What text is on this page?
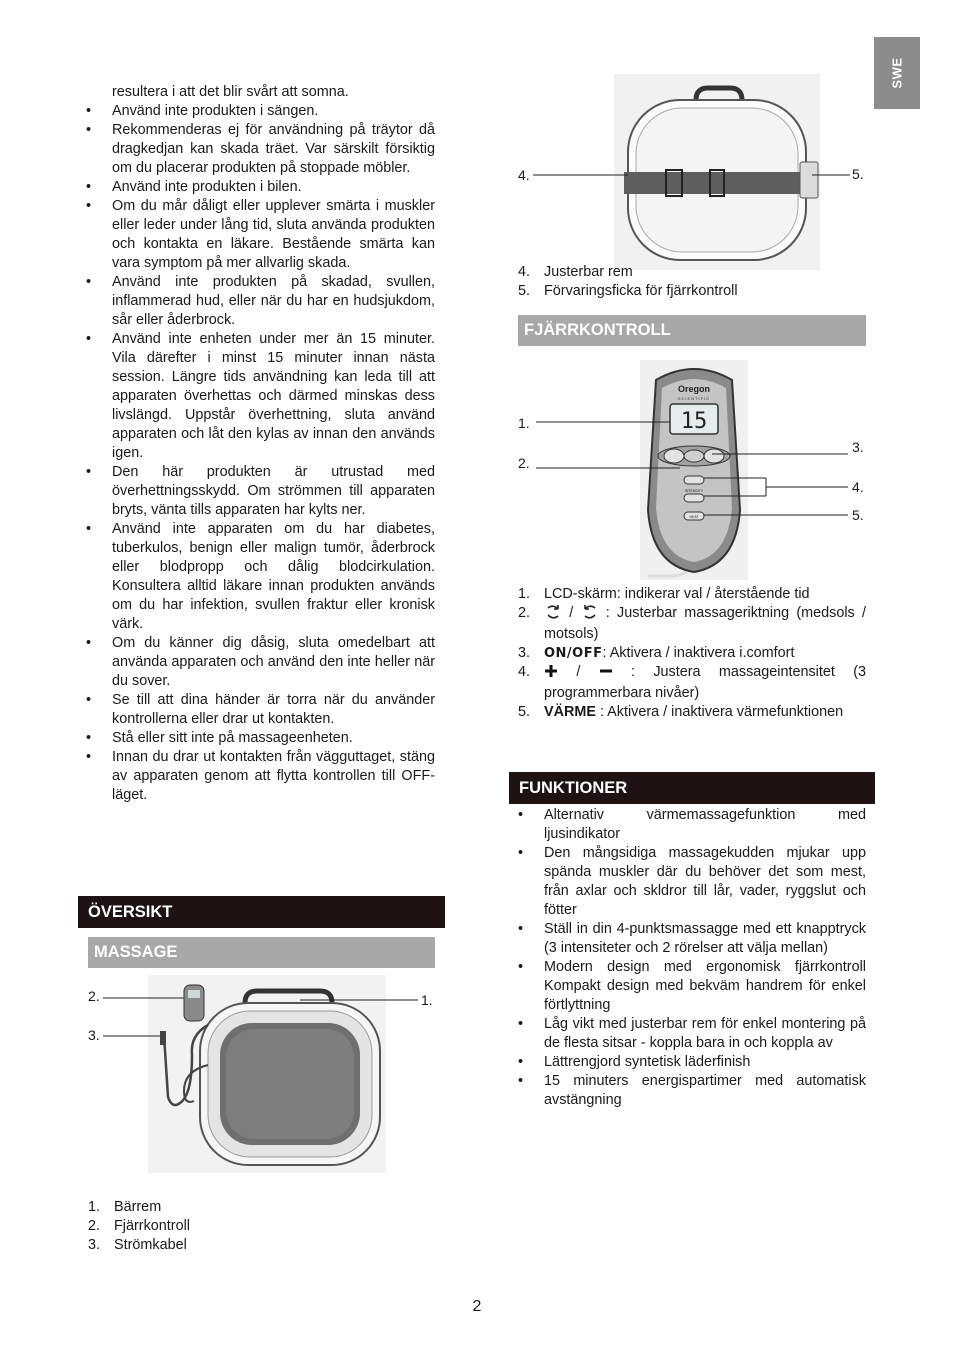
SWE
resultera i att det blir svårt att somna.
• Använd inte produkten i sängen.
• Rekommenderas ej för användning på träytor då dragkedjan kan skada träet. Var särskilt försiktig om du placerar produkten på stoppade möbler.
• Använd inte produkten i bilen.
• Om du mår dåligt eller upplever smärta i muskler eller leder under lång tid, sluta använda produkten och kontakta en läkare. Bestående smärta kan vara symptom på mer allvarlig skada.
• Använd inte produkten på skadad, svullen, inflammerad hud, eller när du har en hudsjukdom, sår eller åderbrock.
• Använd inte enheten under mer än 15 minuter. Vila därefter i minst 15 minuter innan nästa session. Längre tids användning kan leda till att apparaten överhettas och därmed minskas dess livslängd. Uppstår överhettning, sluta använd apparaten och låt den kylas av innan den används igen.
• Den här produkten är utrustad med överhettningsskydd. Om strömmen till apparaten bryts, vänta tills apparaten har kylts ner.
• Använd inte apparaten om du har diabetes, tuberkulos, benign eller malign tumör, åderbrock eller blodpropp och dålig blodcirkulation. Konsultera alltid läkare innan produkten används om du har infektion, svullen fraktur eller kronisk värk.
• Om du känner dig dåsig, sluta omedelbart att använda apparaten och använd den inte heller när du sover.
• Se till att dina händer är torra när du använder kontrollerna eller drar ut kontakten.
• Stå eller sitt inte på massageenheten.
• Innan du drar ut kontakten från vägguttaget, stäng av apparaten genom att flytta kontrollen till OFF-läget.
ÖVERSIKT
MASSAGE
1.
2.
3.
1. Bärrem
2. Fjärrkontroll
3. Strömkabel
4.	5.
4. Justerbar rem
5. Förvaringsficka för fjärrkontroll
FJÄRRKONTROLL
Oregon
SCIENTIFIC
15
INTENSITY
HEAT
1.
2.
3.
4.
5.
1. LCD-skärm: indikerar val / återstående tid
2.	/ : Justerbar massageriktning (medsols / motsols)
3. ON/OFF: Aktivera / inaktivera i.comfort
4.	/	: Justera massageintensitet (3 programmerbara nivåer)
5. VÄRME : Aktivera / inaktivera värmefunktionen
FUNKTIONER
• Alternativ värmemassagefunktion med ljusindikator
• Den mångsidiga massagekudden mjukar upp spända muskler där du behöver det som mest, från axlar och skldror till lår, vader, ryggslut och fötter
• Ställ in din 4-punktsmassagge med ett knapptryck (3 intensiteter och 2 rörelser att välja mellan)
• Modern design med ergonomisk fjärrkontroll Kompakt design med bekväm handrem för enkel förtlyttning
• Låg vikt med justerbar rem för enkel montering på de flesta sitsar - koppla bara in och koppla av
• Lättrengjord syntetisk läderfinish
• 15 minuters energispartimer med automatisk avstängning
2
